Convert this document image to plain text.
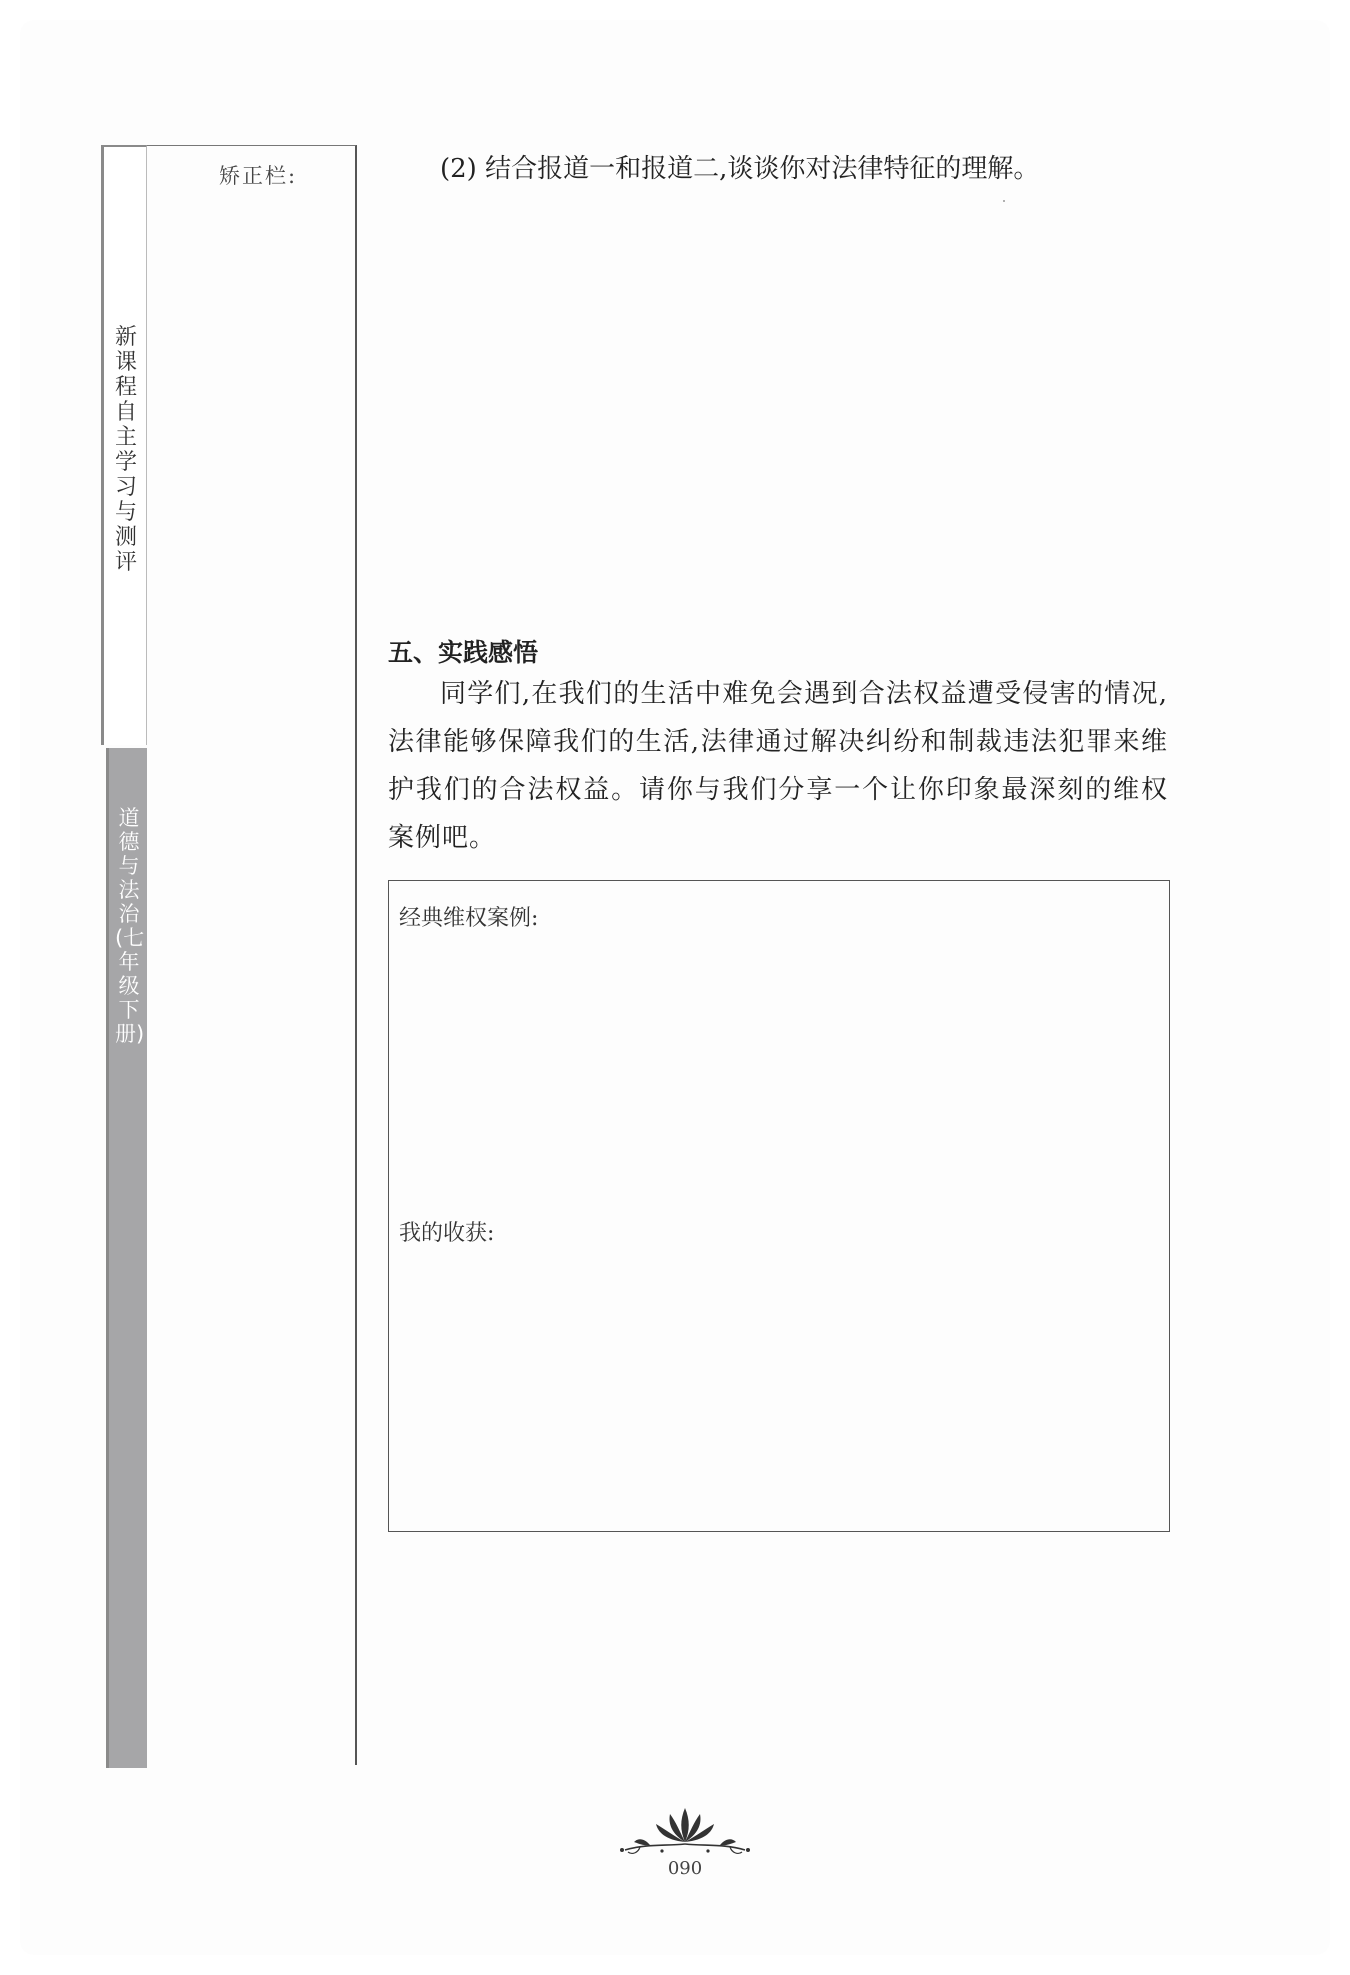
新课程自主学习与测评
道德与法治(七年级下册)
矫正栏:	(2) 结合报道一和报道二,谈谈你对法律特征的理解。
五、实践感悟
同学们,在我们的生活中难免会遇到合法权益遭受侵害的情况,法律能够保障我们的生活,法律通过解决纠纷和制裁违法犯罪来维护我们的合法权益。请你与我们分享一个让你印象最深刻的维权案例吧。
经典维权案例:
我的收获:
090
